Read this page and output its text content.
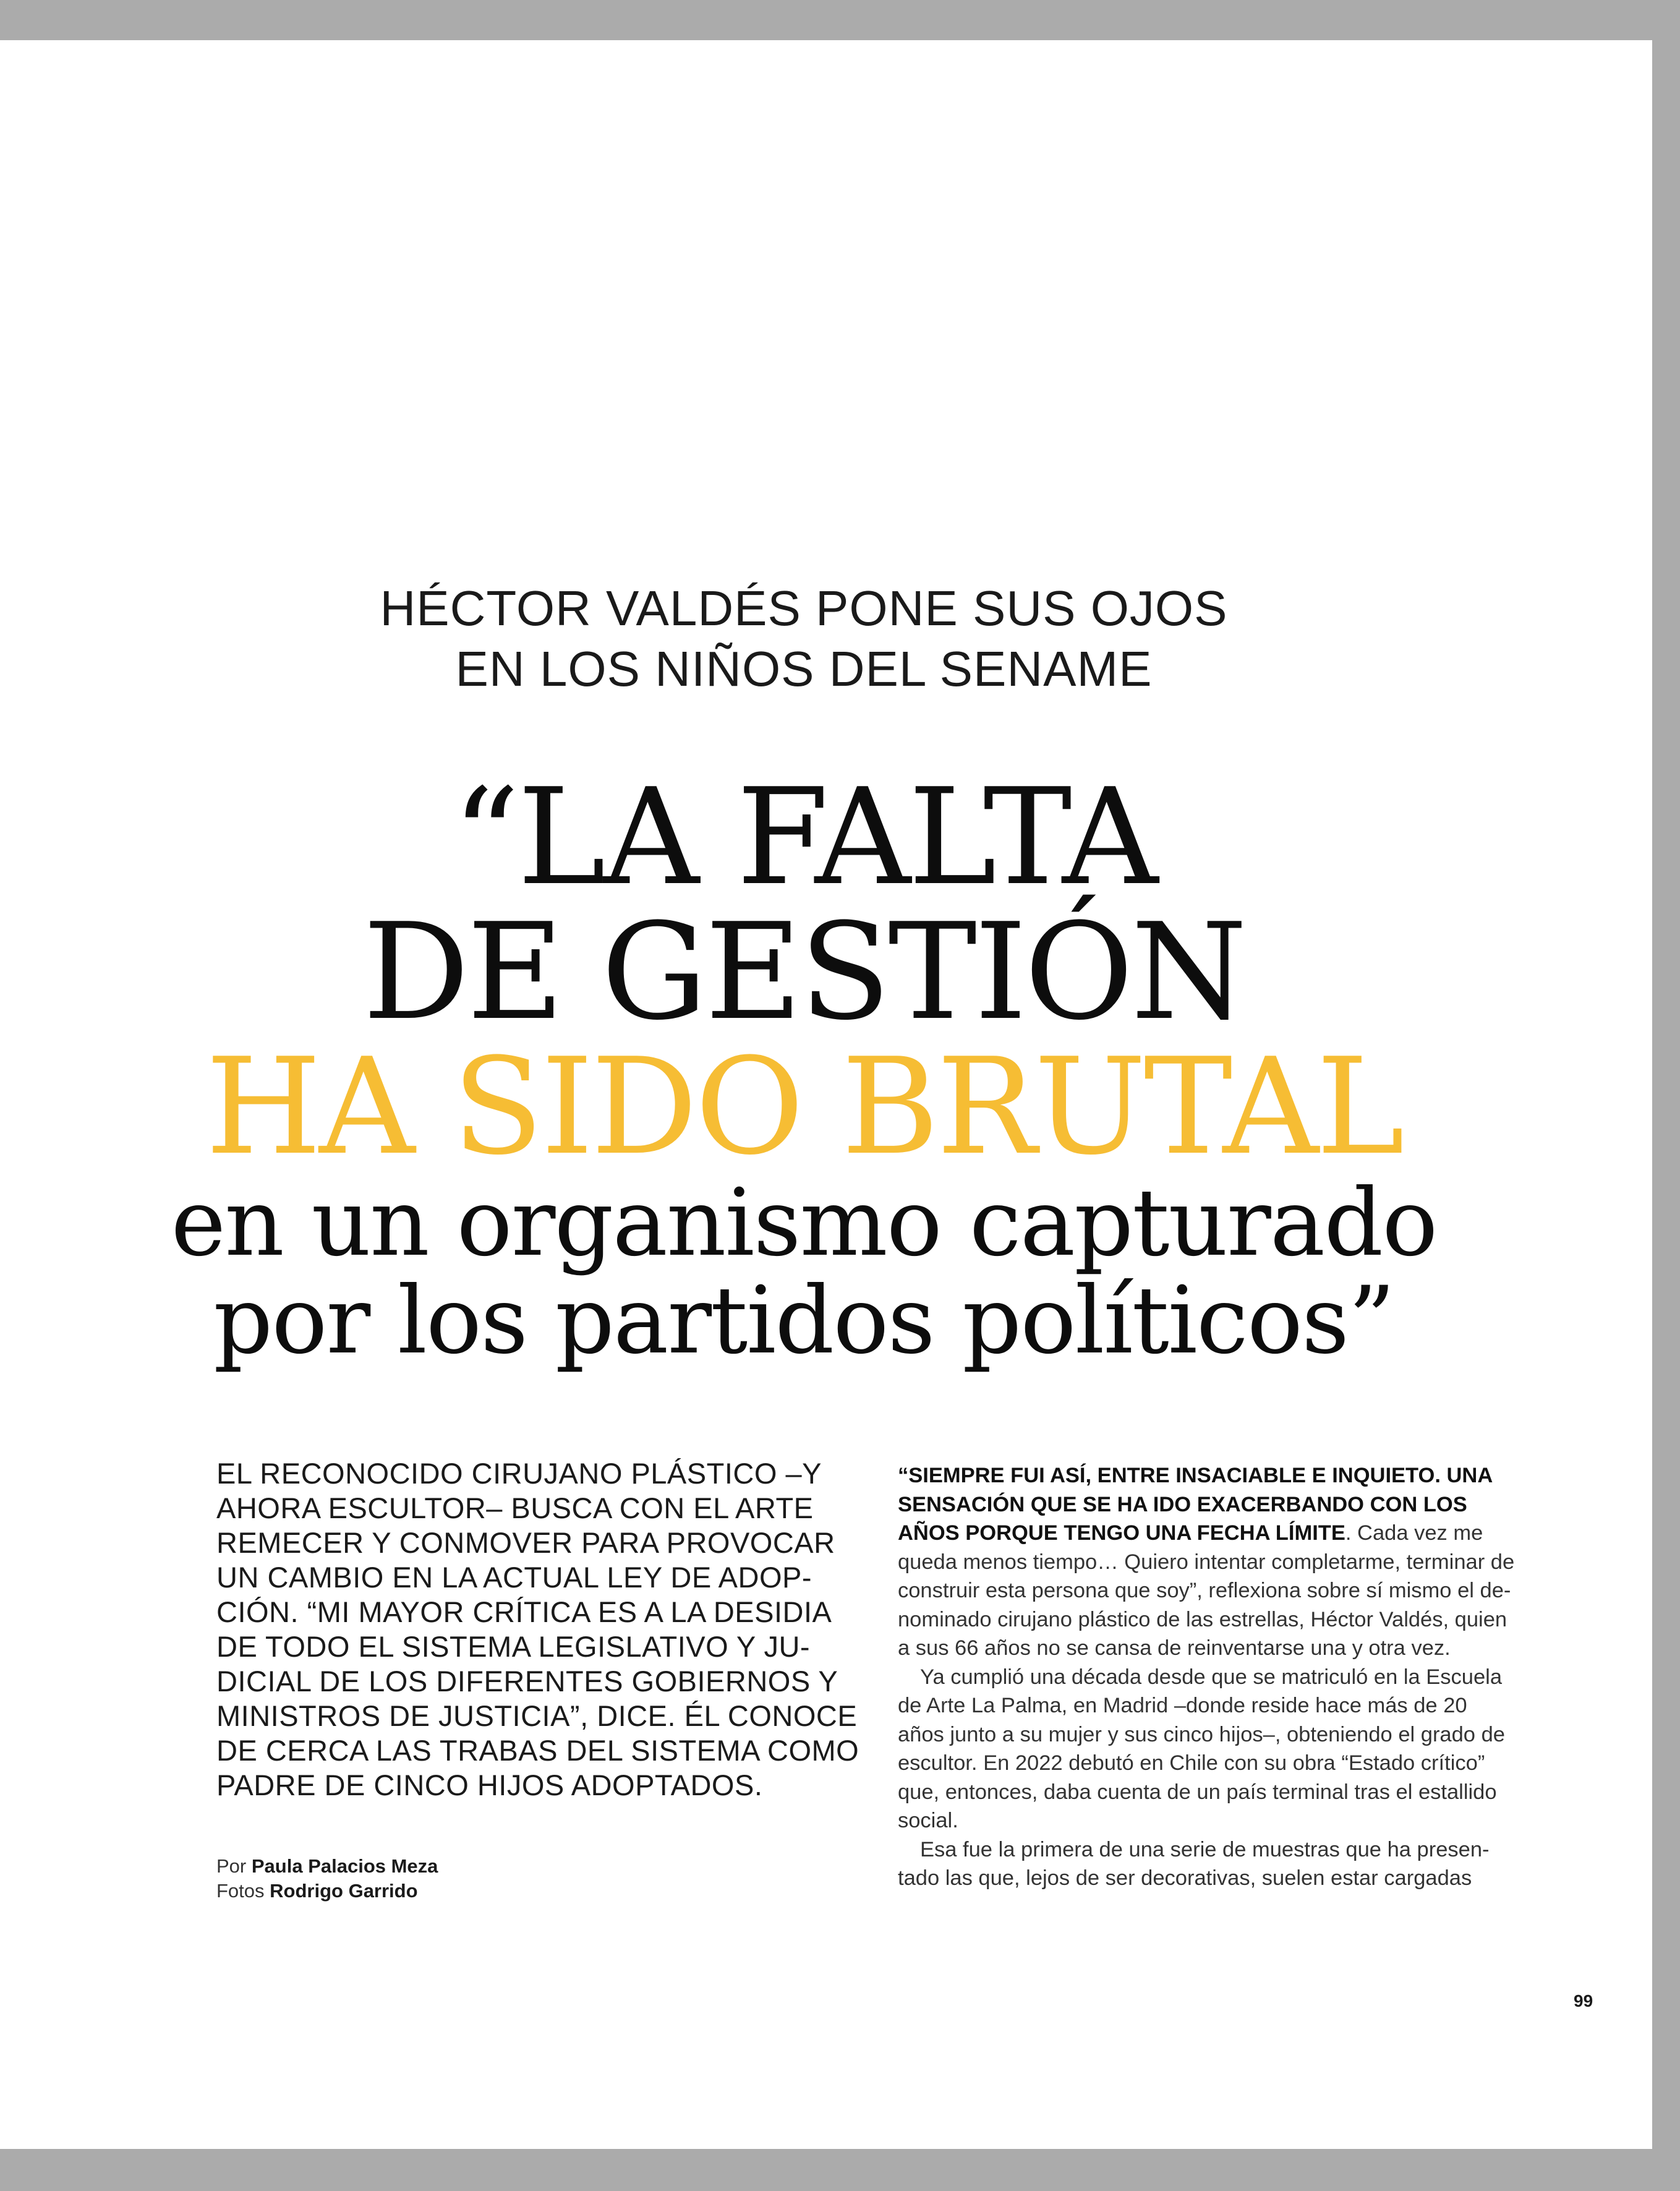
HÉCTOR VALDÉS PONE SUS OJOS
EN LOS NIÑOS DEL SENAME
“LA FALTA
DE GESTIÓN
HA SIDO BRUTAL
en un organismo capturado
por los partidos políticos”
EL RECONOCIDO CIRUJANO PLÁSTICO –Y
AHORA ESCULTOR– BUSCA CON EL ARTE
REMECER Y CONMOVER PARA PROVOCAR
UN CAMBIO EN LA ACTUAL LEY DE ADOP-
CIÓN. “MI MAYOR CRÍTICA ES A LA DESIDIA
DE TODO EL SISTEMA LEGISLATIVO Y JU-
DICIAL DE LOS DIFERENTES GOBIERNOS Y
MINISTROS DE JUSTICIA”, DICE. ÉL CONOCE
DE CERCA LAS TRABAS DEL SISTEMA COMO
PADRE DE CINCO HIJOS ADOPTADOS.
Por Paula Palacios Meza
Fotos Rodrigo Garrido
“SIEMPRE FUI ASÍ, ENTRE INSACIABLE E INQUIETO. UNA
SENSACIÓN QUE SE HA IDO EXACERBANDO CON LOS
AÑOS PORQUE TENGO UNA FECHA LÍMITE. Cada vez me
queda menos tiempo… Quiero intentar completarme, terminar de
construir esta persona que soy”, reflexiona sobre sí mismo el de-
nominado cirujano plástico de las estrellas, Héctor Valdés, quien
a sus 66 años no se cansa de reinventarse una y otra vez.
Ya cumplió una década desde que se matriculó en la Escuela
de Arte La Palma, en Madrid –donde reside hace más de 20
años junto a su mujer y sus cinco hijos–, obteniendo el grado de
escultor. En 2022 debutó en Chile con su obra “Estado crítico”
que, entonces, daba cuenta de un país terminal tras el estallido
social.
Esa fue la primera de una serie de muestras que ha presen-
tado las que, lejos de ser decorativas, suelen estar cargadas
99
